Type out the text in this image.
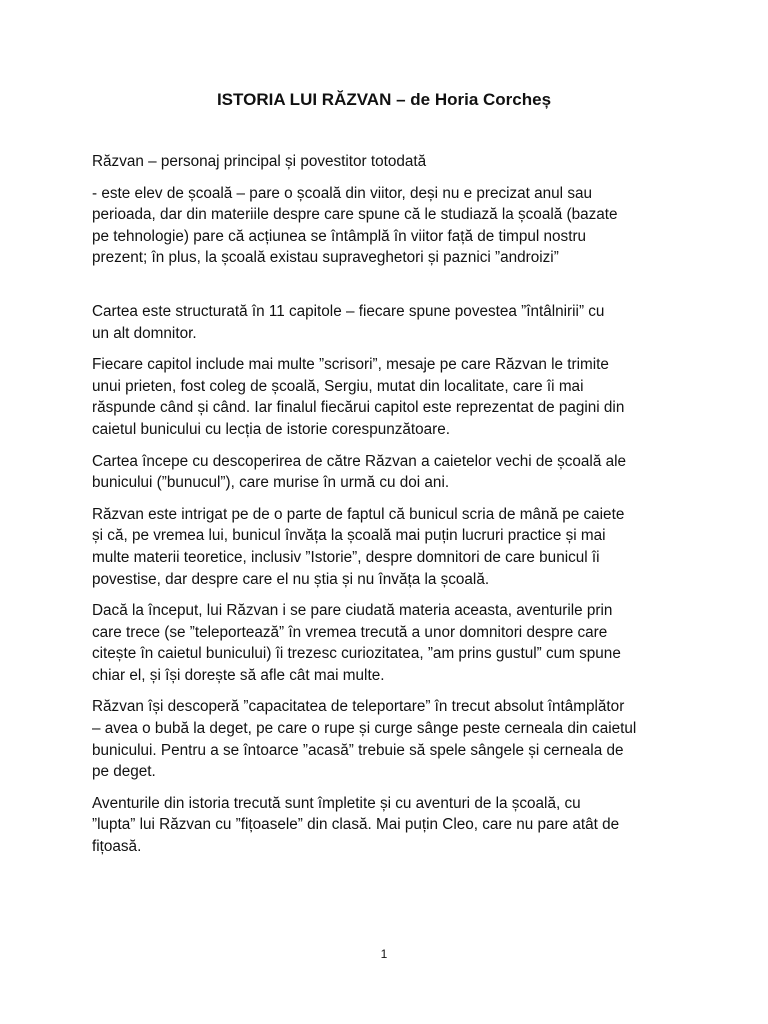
ISTORIA LUI RĂZVAN – de Horia Corcheș

Răzvan – personaj principal și povestitor totodată

- este elev de școală – pare o școală din viitor, deși nu e precizat anul sau
perioada, dar din materiile despre care spune că le studiază la școală (bazate
pe tehnologie) pare că acțiunea se întâmplă în viitor față de timpul nostru
prezent; în plus, la școală existau supraveghetori și paznici ”androizi”

Cartea este structurată în 11 capitole – fiecare spune povestea ”întâlnirii” cu
un alt domnitor.

Fiecare capitol include mai multe ”scrisori”, mesaje pe care Răzvan le trimite
unui prieten, fost coleg de școală, Sergiu, mutat din localitate, care îi mai
răspunde când și când. Iar finalul fiecărui capitol este reprezentat de pagini din
caietul bunicului cu lecția de istorie corespunzătoare.

Cartea începe cu descoperirea de către Răzvan a caietelor vechi de școală ale
bunicului (”bunucul”), care murise în urmă cu doi ani.

Răzvan este intrigat pe de o parte de faptul că bunicul scria de mână pe caiete
și că, pe vremea lui, bunicul învăța la școală mai puțin lucruri practice și mai
multe materii teoretice, inclusiv ”Istorie”, despre domnitori de care bunicul îi
povestise, dar despre care el nu știa și nu învăța la școală.

Dacă la început, lui Răzvan i se pare ciudată materia aceasta, aventurile prin
care trece (se ”teleportează” în vremea trecută a unor domnitori despre care
citește în caietul bunicului) îi trezesc curiozitatea, ”am prins gustul” cum spune
chiar el, și își dorește să afle cât mai multe.

Răzvan își descoperă ”capacitatea de teleportare” în trecut absolut întâmplător
– avea o bubă la deget, pe care o rupe și curge sânge peste cerneala din caietul
bunicului. Pentru a se întoarce ”acasă” trebuie să spele sângele și cerneala de
pe deget.

Aventurile din istoria trecută sunt împletite și cu aventuri de la școală, cu
”lupta” lui Răzvan cu ”fițoasele” din clasă. Mai puțin Cleo, care nu pare atât de
fițoasă.

1
